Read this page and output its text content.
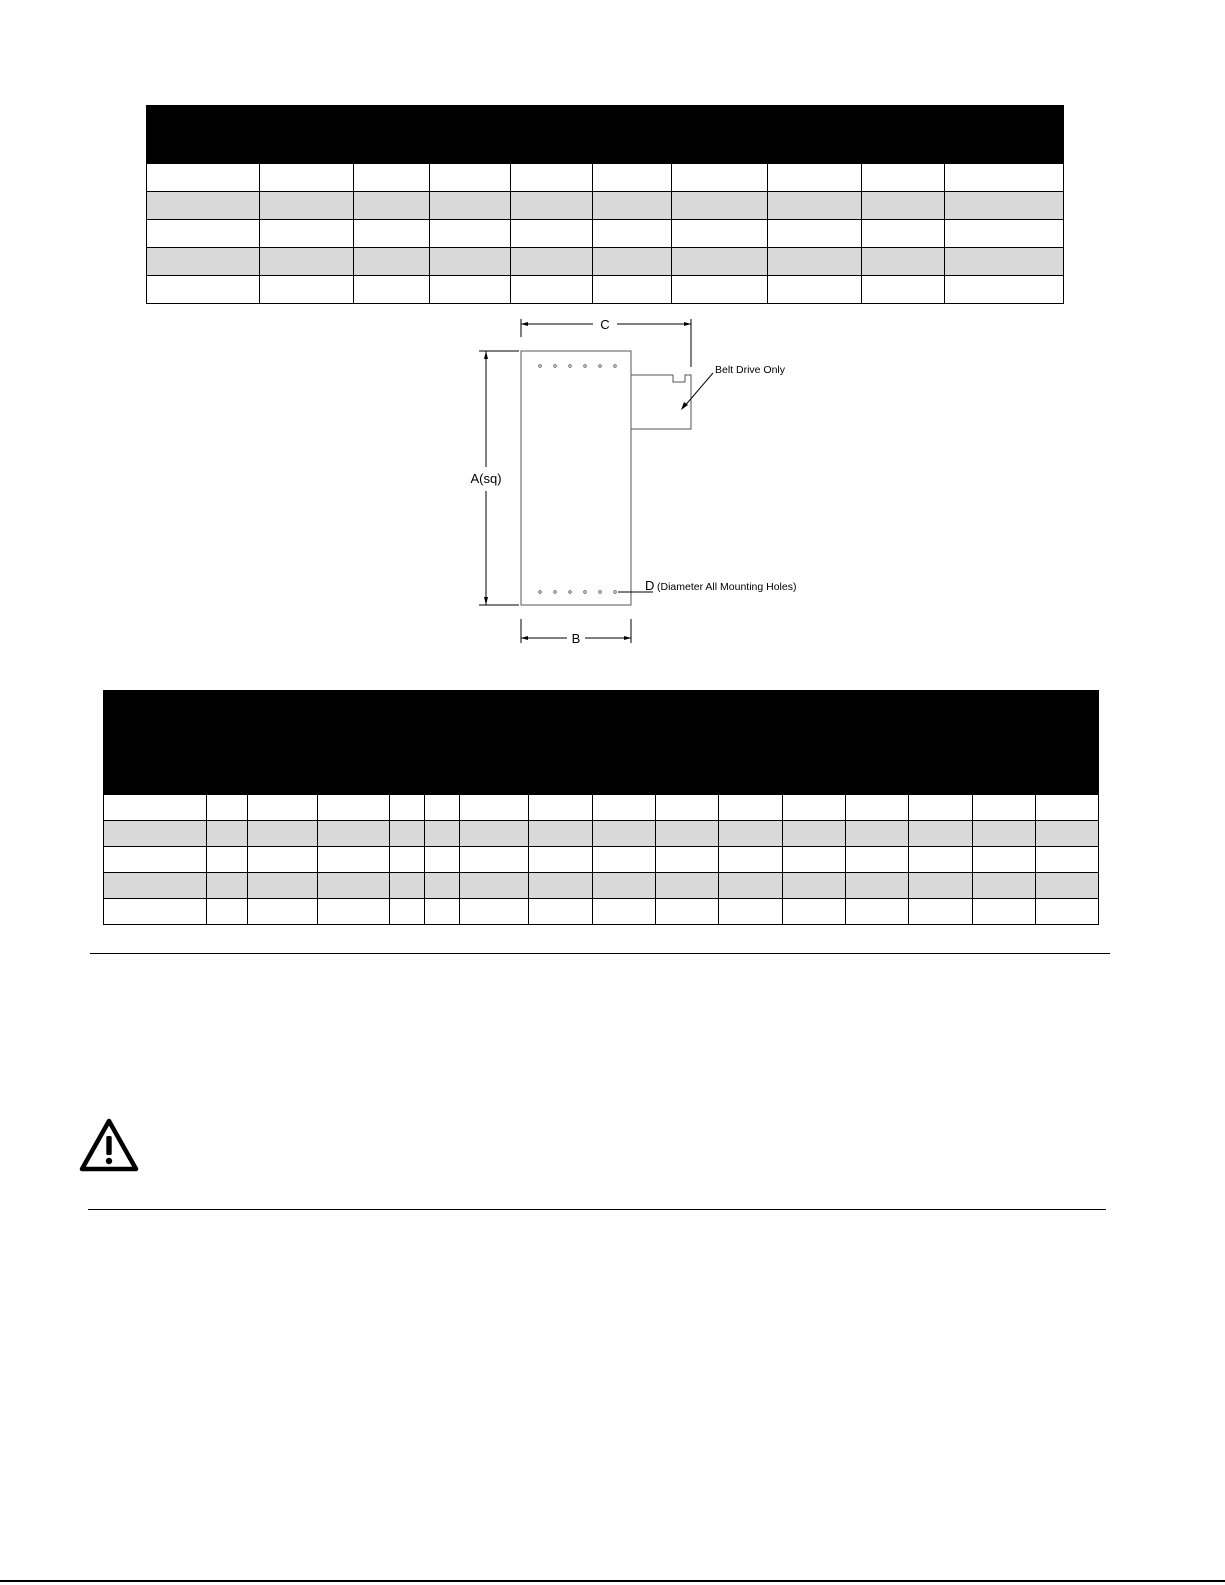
C
A(sq)
B
D (Diameter All Mounting Holes)
Belt Drive Only
